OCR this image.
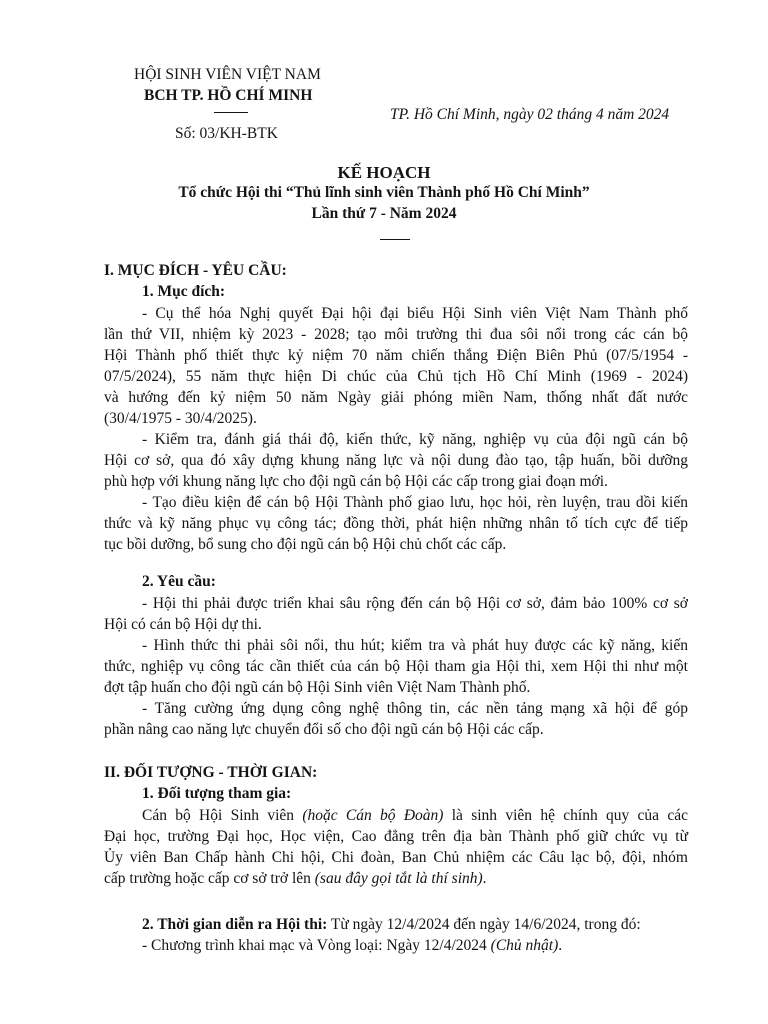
HỘI SINH VIÊN VIỆT NAM
BCH TP. HỒ CHÍ MINH
Số: 03/KH-BTK
TP. Hồ Chí Minh, ngày 02 tháng 4 năm 2024
KẾ HOẠCH
Tổ chức Hội thi “Thủ lĩnh sinh viên Thành phố Hồ Chí Minh”
Lần thứ 7 - Năm 2024
I. MỤC ĐÍCH - YÊU CẦU:
1. Mục đích:
- Cụ thể hóa Nghị quyết Đại hội đại biểu Hội Sinh viên Việt Nam Thành phố
lần thứ VII, nhiệm kỳ 2023 - 2028; tạo môi trường thi đua sôi nổi trong các cán bộ
Hội Thành phố thiết thực kỷ niệm 70 năm chiến thắng Điện Biên Phủ (07/5/1954 -
07/5/2024), 55 năm thực hiện Di chúc của Chủ tịch Hồ Chí Minh (1969 - 2024)
và hướng đến kỷ niệm 50 năm Ngày giải phóng miền Nam, thống nhất đất nước
(30/4/1975 - 30/4/2025).
- Kiểm tra, đánh giá thái độ, kiến thức, kỹ năng, nghiệp vụ của đội ngũ cán bộ
Hội cơ sở, qua đó xây dựng khung năng lực và nội dung đào tạo, tập huấn, bồi dưỡng
phù hợp với khung năng lực cho đội ngũ cán bộ Hội các cấp trong giai đoạn mới.
- Tạo điều kiện để cán bộ Hội Thành phố giao lưu, học hỏi, rèn luyện, trau dồi kiến
thức và kỹ năng phục vụ công tác; đồng thời, phát hiện những nhân tố tích cực để tiếp
tục bồi dưỡng, bổ sung cho đội ngũ cán bộ Hội chủ chốt các cấp.
2. Yêu cầu:
- Hội thi phải được triển khai sâu rộng đến cán bộ Hội cơ sở, đảm bảo 100% cơ sở
Hội có cán bộ Hội dự thi.
- Hình thức thi phải sôi nổi, thu hút; kiểm tra và phát huy được các kỹ năng, kiến
thức, nghiệp vụ công tác cần thiết của cán bộ Hội tham gia Hội thi, xem Hội thi như một
đợt tập huấn cho đội ngũ cán bộ Hội Sinh viên Việt Nam Thành phố.
- Tăng cường ứng dụng công nghệ thông tin, các nền tảng mạng xã hội để góp
phần nâng cao năng lực chuyển đổi số cho đội ngũ cán bộ Hội các cấp.
II. ĐỐI TƯỢNG - THỜI GIAN:
1. Đối tượng tham gia:
Cán bộ Hội Sinh viên (hoặc Cán bộ Đoàn) là sinh viên hệ chính quy của các
Đại học, trường Đại học, Học viện, Cao đẳng trên địa bàn Thành phố giữ chức vụ từ
Ủy viên Ban Chấp hành Chi hội, Chi đoàn, Ban Chủ nhiệm các Câu lạc bộ, đội, nhóm
cấp trường hoặc cấp cơ sở trở lên (sau đây gọi tắt là thí sinh).
2. Thời gian diễn ra Hội thi: Từ ngày 12/4/2024 đến ngày 14/6/2024, trong đó:
- Chương trình khai mạc và Vòng loại: Ngày 12/4/2024 (Chủ nhật).
